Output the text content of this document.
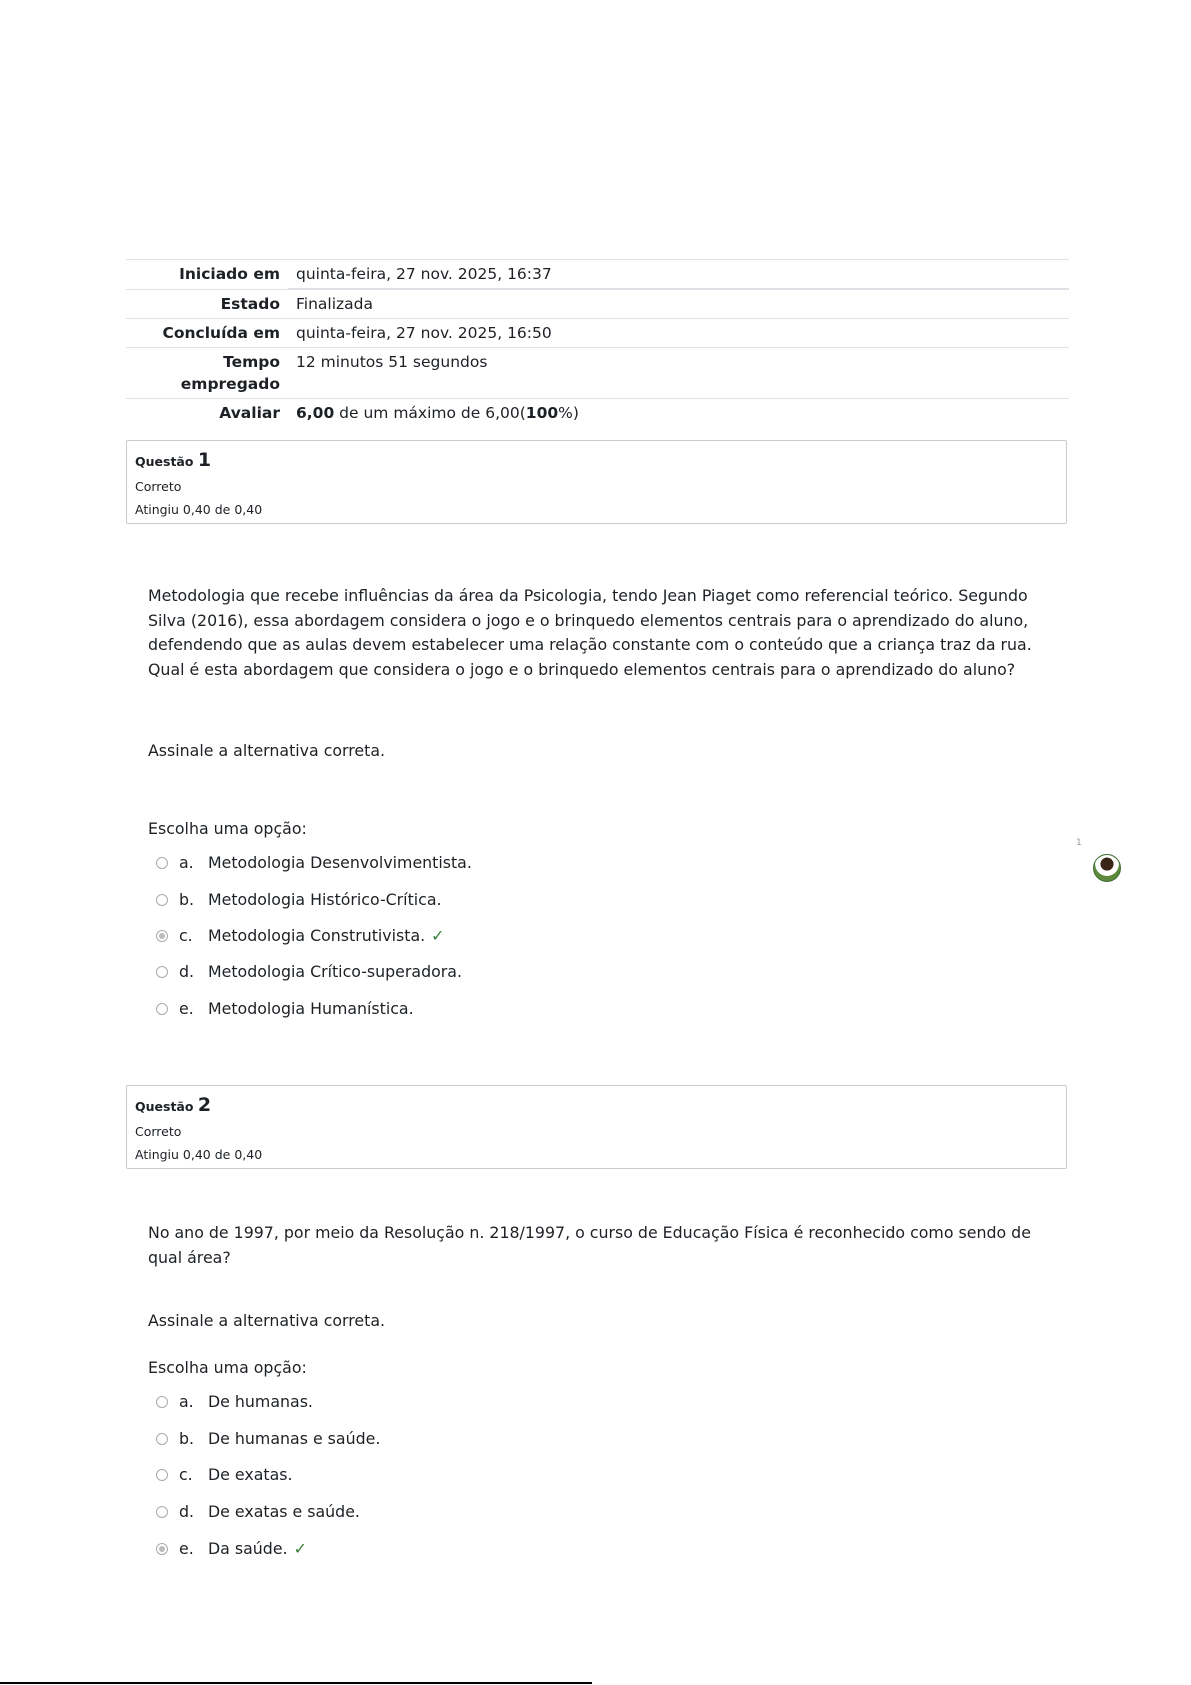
Iniciado em	quinta-feira, 27 nov. 2025, 16:37
Estado	Finalizada
Concluída em	quinta-feira, 27 nov. 2025, 16:50
Tempo empregado	12 minutos 51 segundos
Avaliar	6,00 de um máximo de 6,00(100%)
Questão 1
Correto
Atingiu 0,40 de 0,40
Metodologia que recebe influências da área da Psicologia, tendo Jean Piaget como referencial teórico. Segundo Silva (2016), essa abordagem considera o jogo e o brinquedo elementos centrais para o aprendizado do aluno, defendendo que as aulas devem estabelecer uma relação constante com o conteúdo que a criança traz da rua. Qual é esta abordagem que considera o jogo e o brinquedo elementos centrais para o aprendizado do aluno?
Assinale a alternativa correta.
Escolha uma opção:
a. Metodologia Desenvolvimentista.
b. Metodologia Histórico-Crítica.
c. Metodologia Construtivista. ✓
d. Metodologia Crítico-superadora.
e. Metodologia Humanística.
Questão 2
Correto
Atingiu 0,40 de 0,40
No ano de 1997, por meio da Resolução n. 218/1997, o curso de Educação Física é reconhecido como sendo de qual área?
Assinale a alternativa correta.
Escolha uma opção:
a. De humanas.
b. De humanas e saúde.
c. De exatas.
d. De exatas e saúde.
e. Da saúde. ✓
1
